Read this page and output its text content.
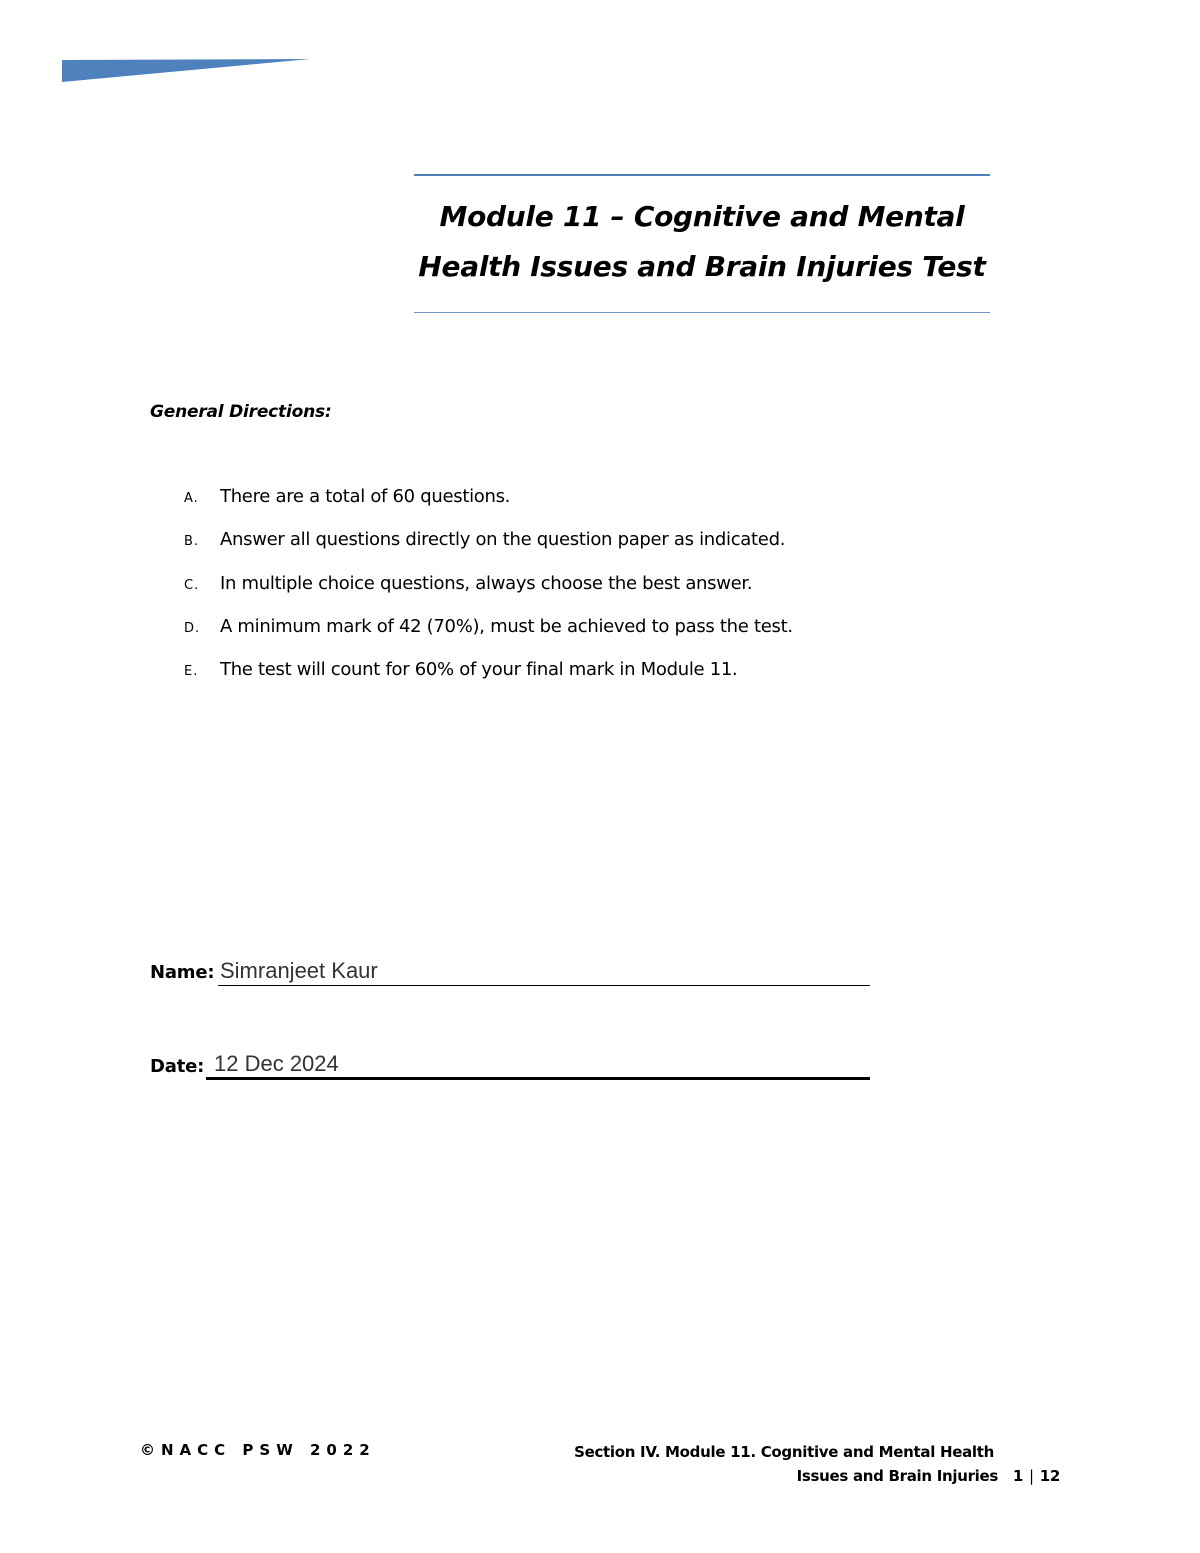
Module 11 – Cognitive and Mental
Health Issues and Brain Injuries Test
General Directions:
A.	There are a total of 60 questions.
B.	Answer all questions directly on the question paper as indicated.
C.	In multiple choice questions, always choose the best answer.
D.	A minimum mark of 42 (70%), must be achieved to pass the test.
E.	The test will count for 60% of your final mark in Module 11.
Name: Simranjeet Kaur
Date: 12 Dec 2024
©NACC PSW 2022	Section IV. Module 11. Cognitive and Mental Health
Issues and Brain Injuries 1 | 12
